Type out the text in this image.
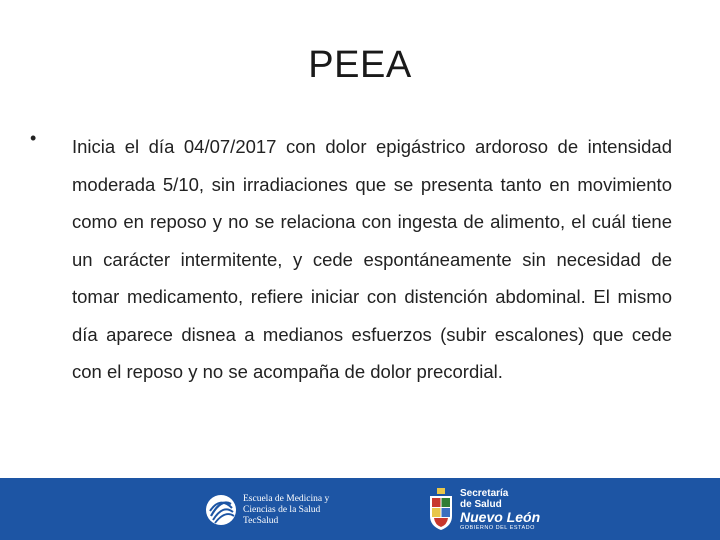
PEEA
• Inicia el día 04/07/2017 con dolor epigástrico ardoroso de intensidad moderada 5/10, sin irradiaciones que se presenta tanto en movimiento como en reposo y no se relaciona con ingesta de alimento, el cuál tiene un carácter intermitente, y cede espontáneamente sin necesidad de tomar medicamento, refiere iniciar con distención abdominal. El mismo día aparece disnea a medianos esfuerzos (subir escalones) que cede con el reposo y no se acompaña de dolor precordial.

Escuela de Medicina y
Ciencias de la Salud
TecSalud
Secretaría
de Salud
Nuevo León
GOBIERNO DEL ESTADO
